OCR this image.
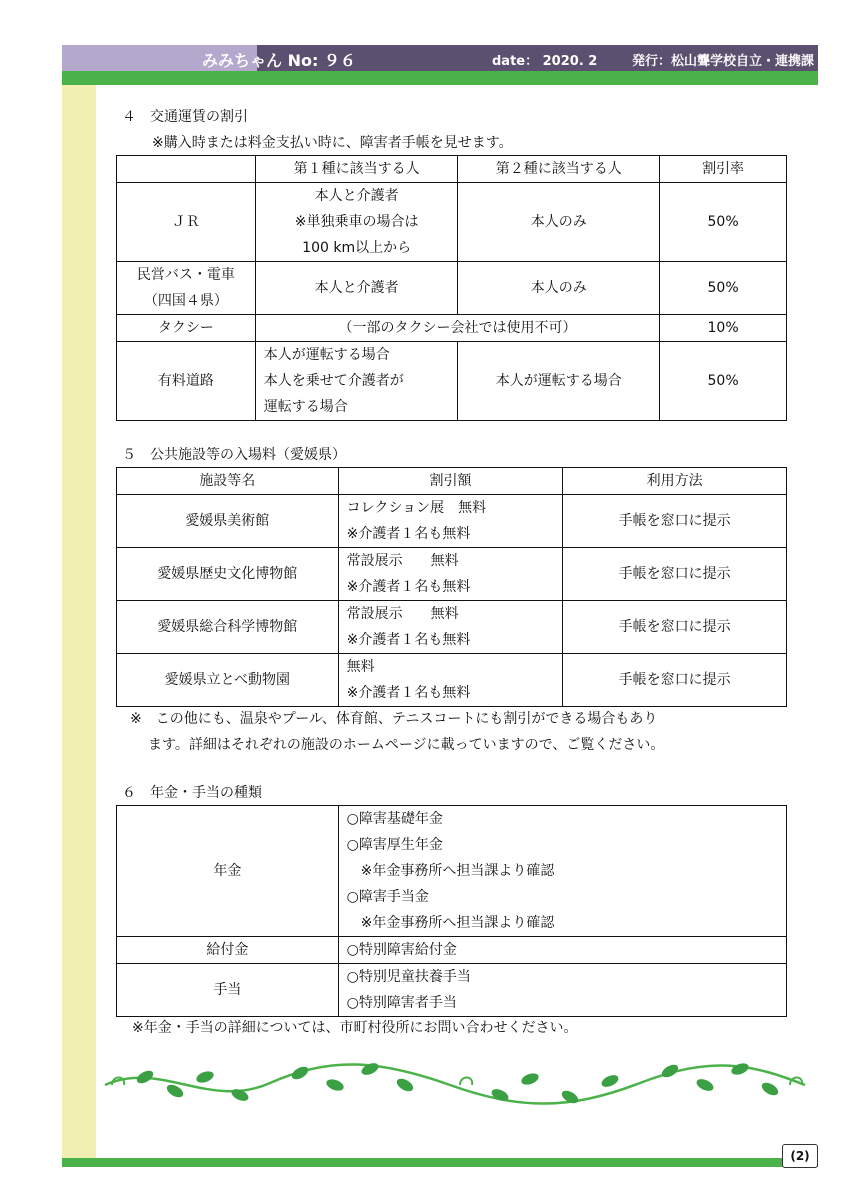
みみちゃん No: ９６	date： 2020. 2	発行：松山聾学校自立・連携課
４　交通運賃の割引
※購入時または料金支払い時に、障害者手帳を見せます。
	第１種に該当する人	第２種に該当する人	割引率
ＪＲ	本人と介護者
※単独乗車の場合は
100 km以上から	本人のみ	50%

民営バス・電車
（四国４県）	本人と介護者	本人のみ	50%
タクシー	（一部のタクシー会社では使用不可）		10%
有料道路	本人が運転する場合
本人を乗せて介護者が
運転する場合	本人が運転する場合	50%
５　公共施設等の入場料（愛媛県）
施設等名	割引額	利用方法
愛媛県美術館	コレクション展　無料
※介護者１名も無料	手帳を窓口に提示
愛媛県歴史文化博物館	常設展示　　無料
※介護者１名も無料	手帳を窓口に提示
愛媛県総合科学博物館	常設展示　　無料
※介護者１名も無料	手帳を窓口に提示
愛媛県立とべ動物園	無料
※介護者１名も無料	手帳を窓口に提示
※　この他にも、温泉やプール、体育館、テニスコートにも割引ができる場合もあり
ます。詳細はそれぞれの施設のホームページに載っていますので、ご覧ください。
６　年金・手当の種類
年金	○障害基礎年金
○障害厚生年金
　※年金事務所へ担当課より確認
○障害手当金
　※年金事務所へ担当課より確認

給付金	○特別障害給付金
手当	○特別児童扶養手当
○特別障害者手当
※年金・手当の詳細については、市町村役所にお問い合わせください。
(2)
